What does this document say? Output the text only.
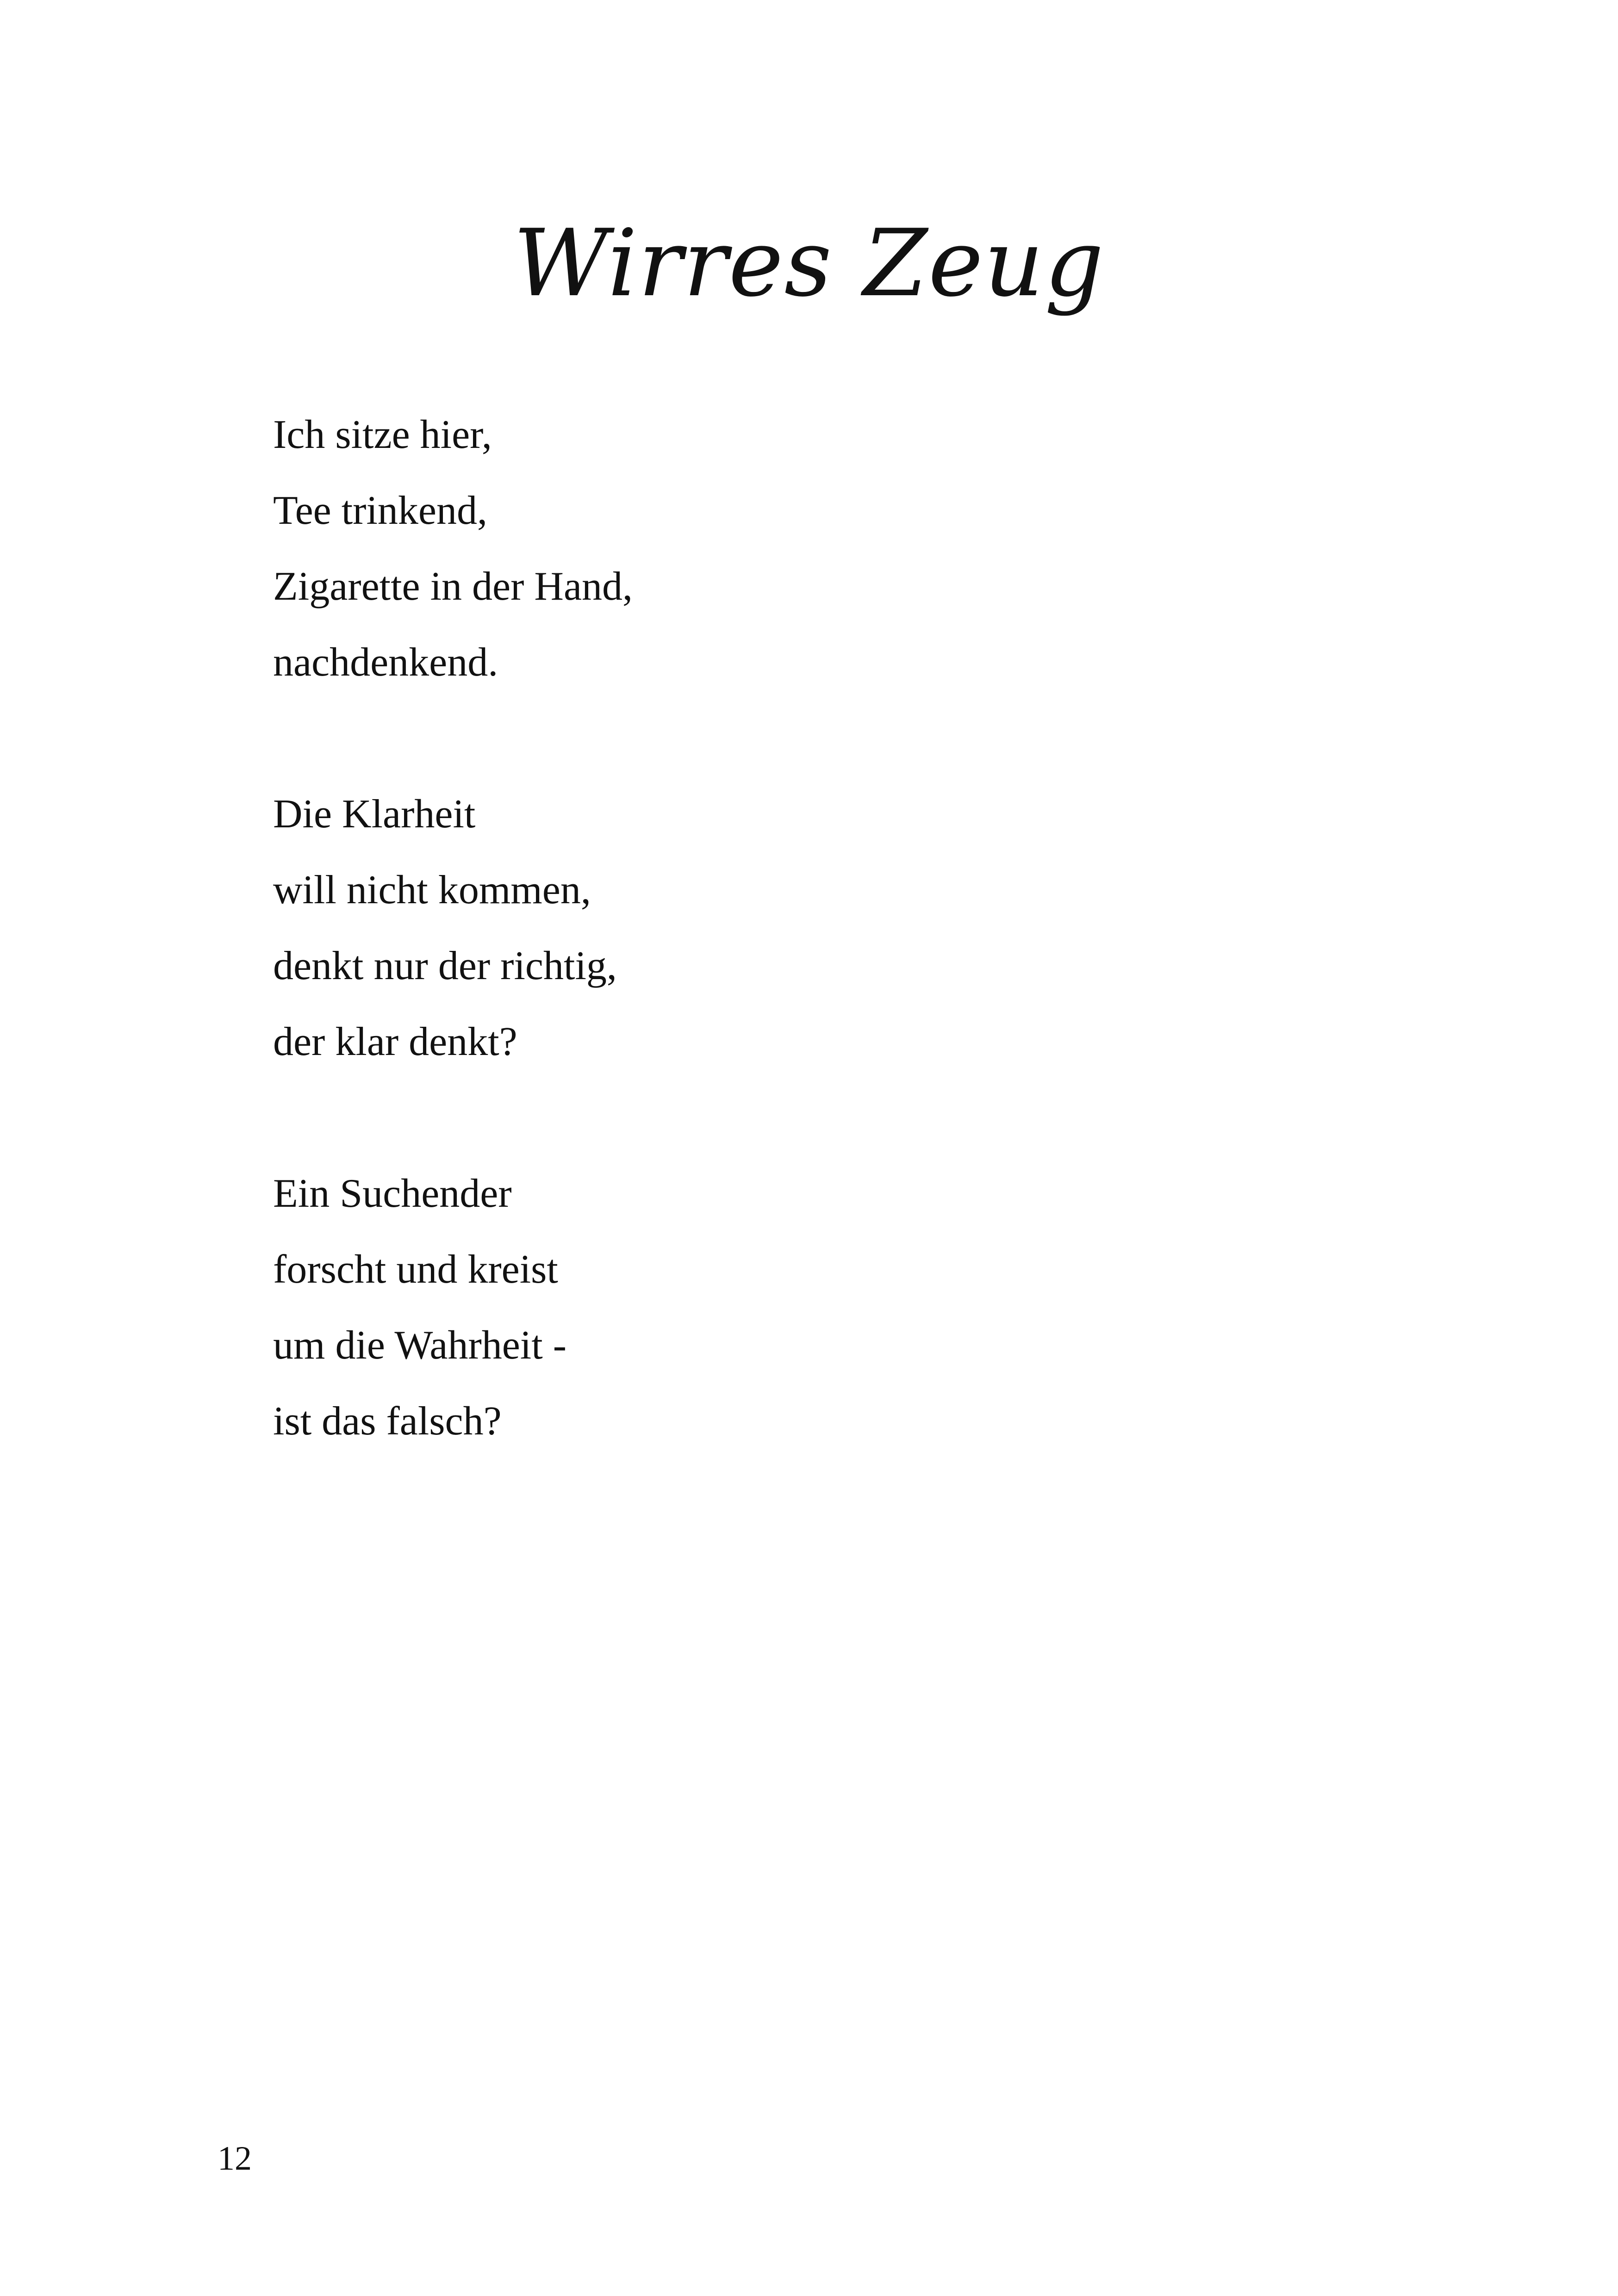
Wirres Zeug
Ich sitze hier,
Tee trinkend,
Zigarette in der Hand,
nachdenkend.
Die Klarheit
will nicht kommen,
denkt nur der richtig,
der klar denkt?
Ein Suchender
forscht und kreist
um die Wahrheit -
ist das falsch?
12
